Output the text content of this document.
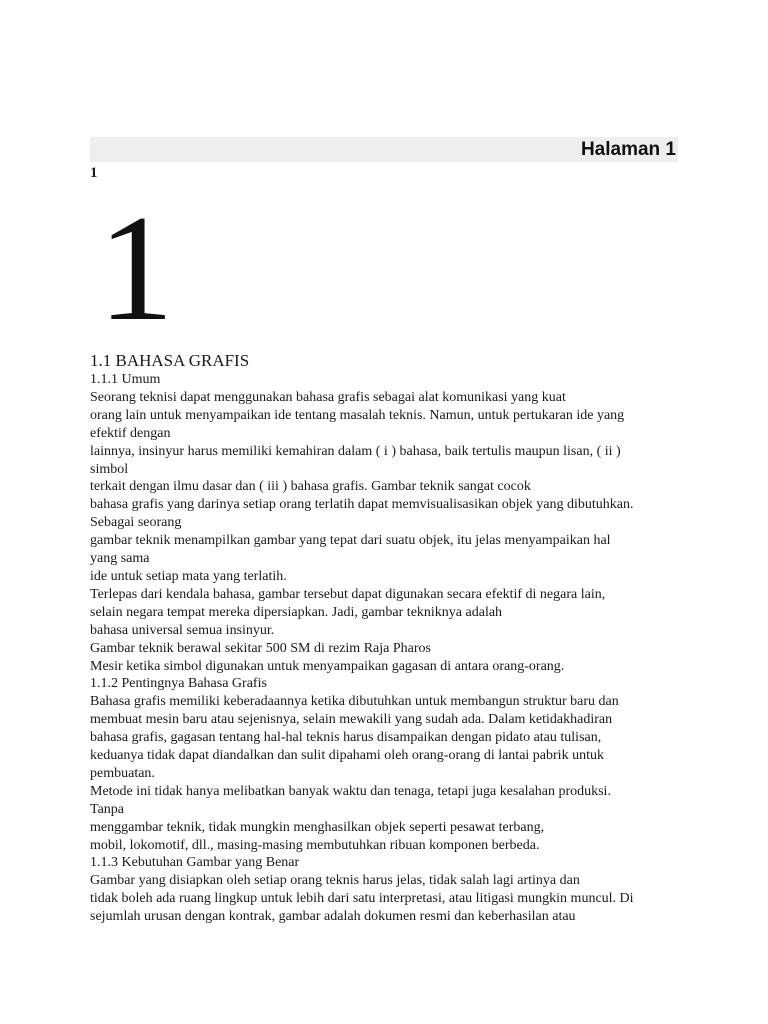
Halaman 1
1
1
1.1 BAHASA GRAFIS
1.1.1 Umum
Seorang teknisi dapat menggunakan bahasa grafis sebagai alat komunikasi yang kuat
orang lain untuk menyampaikan ide tentang masalah teknis. Namun, untuk pertukaran ide yang
efektif dengan
lainnya, insinyur harus memiliki kemahiran dalam ( i ) bahasa, baik tertulis maupun lisan, ( ii )
simbol
terkait dengan ilmu dasar dan ( iii ) bahasa grafis. Gambar teknik sangat cocok
bahasa grafis yang darinya setiap orang terlatih dapat memvisualisasikan objek yang dibutuhkan.
Sebagai seorang
gambar teknik menampilkan gambar yang tepat dari suatu objek, itu jelas menyampaikan hal
yang sama
ide untuk setiap mata yang terlatih.
Terlepas dari kendala bahasa, gambar tersebut dapat digunakan secara efektif di negara lain,
selain negara tempat mereka dipersiapkan. Jadi, gambar tekniknya adalah
bahasa universal semua insinyur.
Gambar teknik berawal sekitar 500 SM di rezim Raja Pharos
Mesir ketika simbol digunakan untuk menyampaikan gagasan di antara orang-orang.
1.1.2 Pentingnya Bahasa Grafis
Bahasa grafis memiliki keberadaannya ketika dibutuhkan untuk membangun struktur baru dan
membuat mesin baru atau sejenisnya, selain mewakili yang sudah ada. Dalam ketidakhadiran
bahasa grafis, gagasan tentang hal-hal teknis harus disampaikan dengan pidato atau tulisan,
keduanya tidak dapat diandalkan dan sulit dipahami oleh orang-orang di lantai pabrik untuk
pembuatan.
Metode ini tidak hanya melibatkan banyak waktu dan tenaga, tetapi juga kesalahan produksi.
Tanpa
menggambar teknik, tidak mungkin menghasilkan objek seperti pesawat terbang,
mobil, lokomotif, dll., masing-masing membutuhkan ribuan komponen berbeda.
1.1.3 Kebutuhan Gambar yang Benar
Gambar yang disiapkan oleh setiap orang teknis harus jelas, tidak salah lagi artinya dan
tidak boleh ada ruang lingkup untuk lebih dari satu interpretasi, atau litigasi mungkin muncul. Di
sejumlah urusan dengan kontrak, gambar adalah dokumen resmi dan keberhasilan atau
